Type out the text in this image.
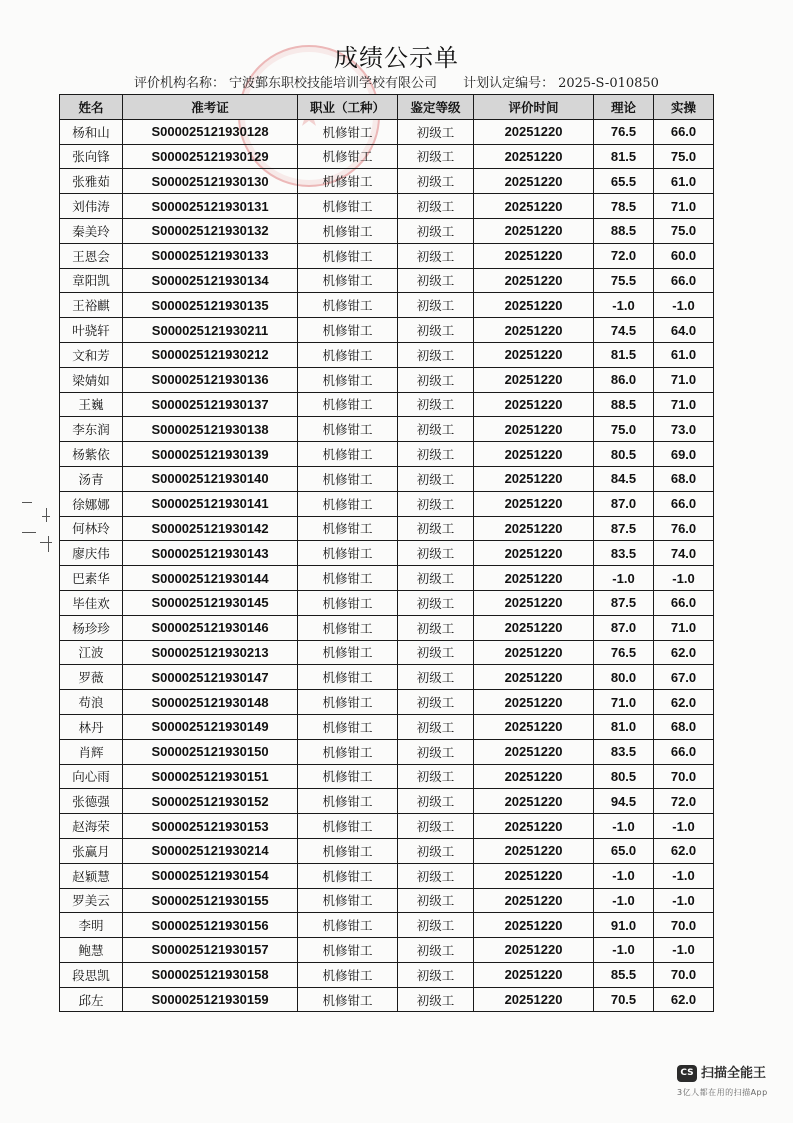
成绩公示单
评价机构名称： 宁波鄞东职校技能培训学校有限公司 计划认定编号： 2025-S-010850
姓名	准考证	职业（工种）	鉴定等级	评价时间	理论	实操
杨和山	S000025121930128	机修钳工	初级工	20251220	76.5	66.0
张向锋	S000025121930129	机修钳工	初级工	20251220	81.5	75.0
张雅茹	S000025121930130	机修钳工	初级工	20251220	65.5	61.0
刘伟涛	S000025121930131	机修钳工	初级工	20251220	78.5	71.0
秦美玲	S000025121930132	机修钳工	初级工	20251220	88.5	75.0
王恩会	S000025121930133	机修钳工	初级工	20251220	72.0	60.0
章阳凯	S000025121930134	机修钳工	初级工	20251220	75.5	66.0
王裕麒	S000025121930135	机修钳工	初级工	20251220	-1.0	-1.0
叶骁轩	S000025121930211	机修钳工	初级工	20251220	74.5	64.0
文和芳	S000025121930212	机修钳工	初级工	20251220	81.5	61.0
梁婧如	S000025121930136	机修钳工	初级工	20251220	86.0	71.0
王巍	S000025121930137	机修钳工	初级工	20251220	88.5	71.0
李东润	S000025121930138	机修钳工	初级工	20251220	75.0	73.0
杨紫依	S000025121930139	机修钳工	初级工	20251220	80.5	69.0
汤青	S000025121930140	机修钳工	初级工	20251220	84.5	68.0
徐娜娜	S000025121930141	机修钳工	初级工	20251220	87.0	66.0
何林玲	S000025121930142	机修钳工	初级工	20251220	87.5	76.0
廖庆伟	S000025121930143	机修钳工	初级工	20251220	83.5	74.0
巴素华	S000025121930144	机修钳工	初级工	20251220	-1.0	-1.0
毕佳欢	S000025121930145	机修钳工	初级工	20251220	87.5	66.0
杨珍珍	S000025121930146	机修钳工	初级工	20251220	87.0	71.0
江波	S000025121930213	机修钳工	初级工	20251220	76.5	62.0
罗薇	S000025121930147	机修钳工	初级工	20251220	80.0	67.0
苟浪	S000025121930148	机修钳工	初级工	20251220	71.0	62.0
林丹	S000025121930149	机修钳工	初级工	20251220	81.0	68.0
肖辉	S000025121930150	机修钳工	初级工	20251220	83.5	66.0
向心雨	S000025121930151	机修钳工	初级工	20251220	80.5	70.0
张德强	S000025121930152	机修钳工	初级工	20251220	94.5	72.0
赵海荣	S000025121930153	机修钳工	初级工	20251220	-1.0	-1.0
张赢月	S000025121930214	机修钳工	初级工	20251220	65.0	62.0
赵颖慧	S000025121930154	机修钳工	初级工	20251220	-1.0	-1.0
罗美云	S000025121930155	机修钳工	初级工	20251220	-1.0	-1.0
李明	S000025121930156	机修钳工	初级工	20251220	91.0	70.0
鲍慧	S000025121930157	机修钳工	初级工	20251220	-1.0	-1.0
段思凯	S000025121930158	机修钳工	初级工	20251220	85.5	70.0
邱左	S000025121930159	机修钳工	初级工	20251220	70.5	62.0
CS 扫描全能王
3亿人都在用的扫描App
